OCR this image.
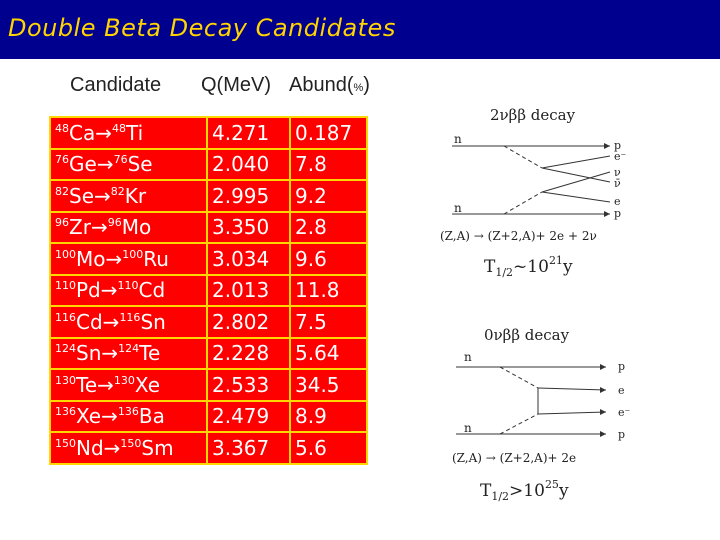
Double Beta Decay Candidates
Candidate Q(MeV) Abund(%)
$^{48}$Ca→$^{48}$Ti	4.271	0.187
$^{76}$Ge→$^{76}$Se	2.040	7.8
$^{82}$Se→$^{82}$Kr	2.995	9.2
$^{96}$Zr→$^{96}$Mo	3.350	2.8
$^{100}$Mo→$^{100}$Ru	3.034	9.6
$^{110}$Pd→$^{110}$Cd	2.013	11.8
$^{116}$Cd→$^{116}$Sn	2.802	7.5
$^{124}$Sn→$^{124}$Te	2.228	5.64
$^{130}$Te→$^{130}$Xe	2.533	34.5
$^{136}$Xe→$^{136}$Ba	2.479	8.9
$^{150}$Nd→$^{150}$Sm	3.367	5.6
2νββ decay
n
n
p
e⁻
ν
ν̄
e
p
(Z,A) → (Z+2,A)+ 2e + 2ν
$T_{1/2}\sim 10^{21}y$
0νββ decay
n
n
p
e
e⁻
p
(Z,A) → (Z+2,A)+ 2e
$T_{1/2}>10^{25}y$
